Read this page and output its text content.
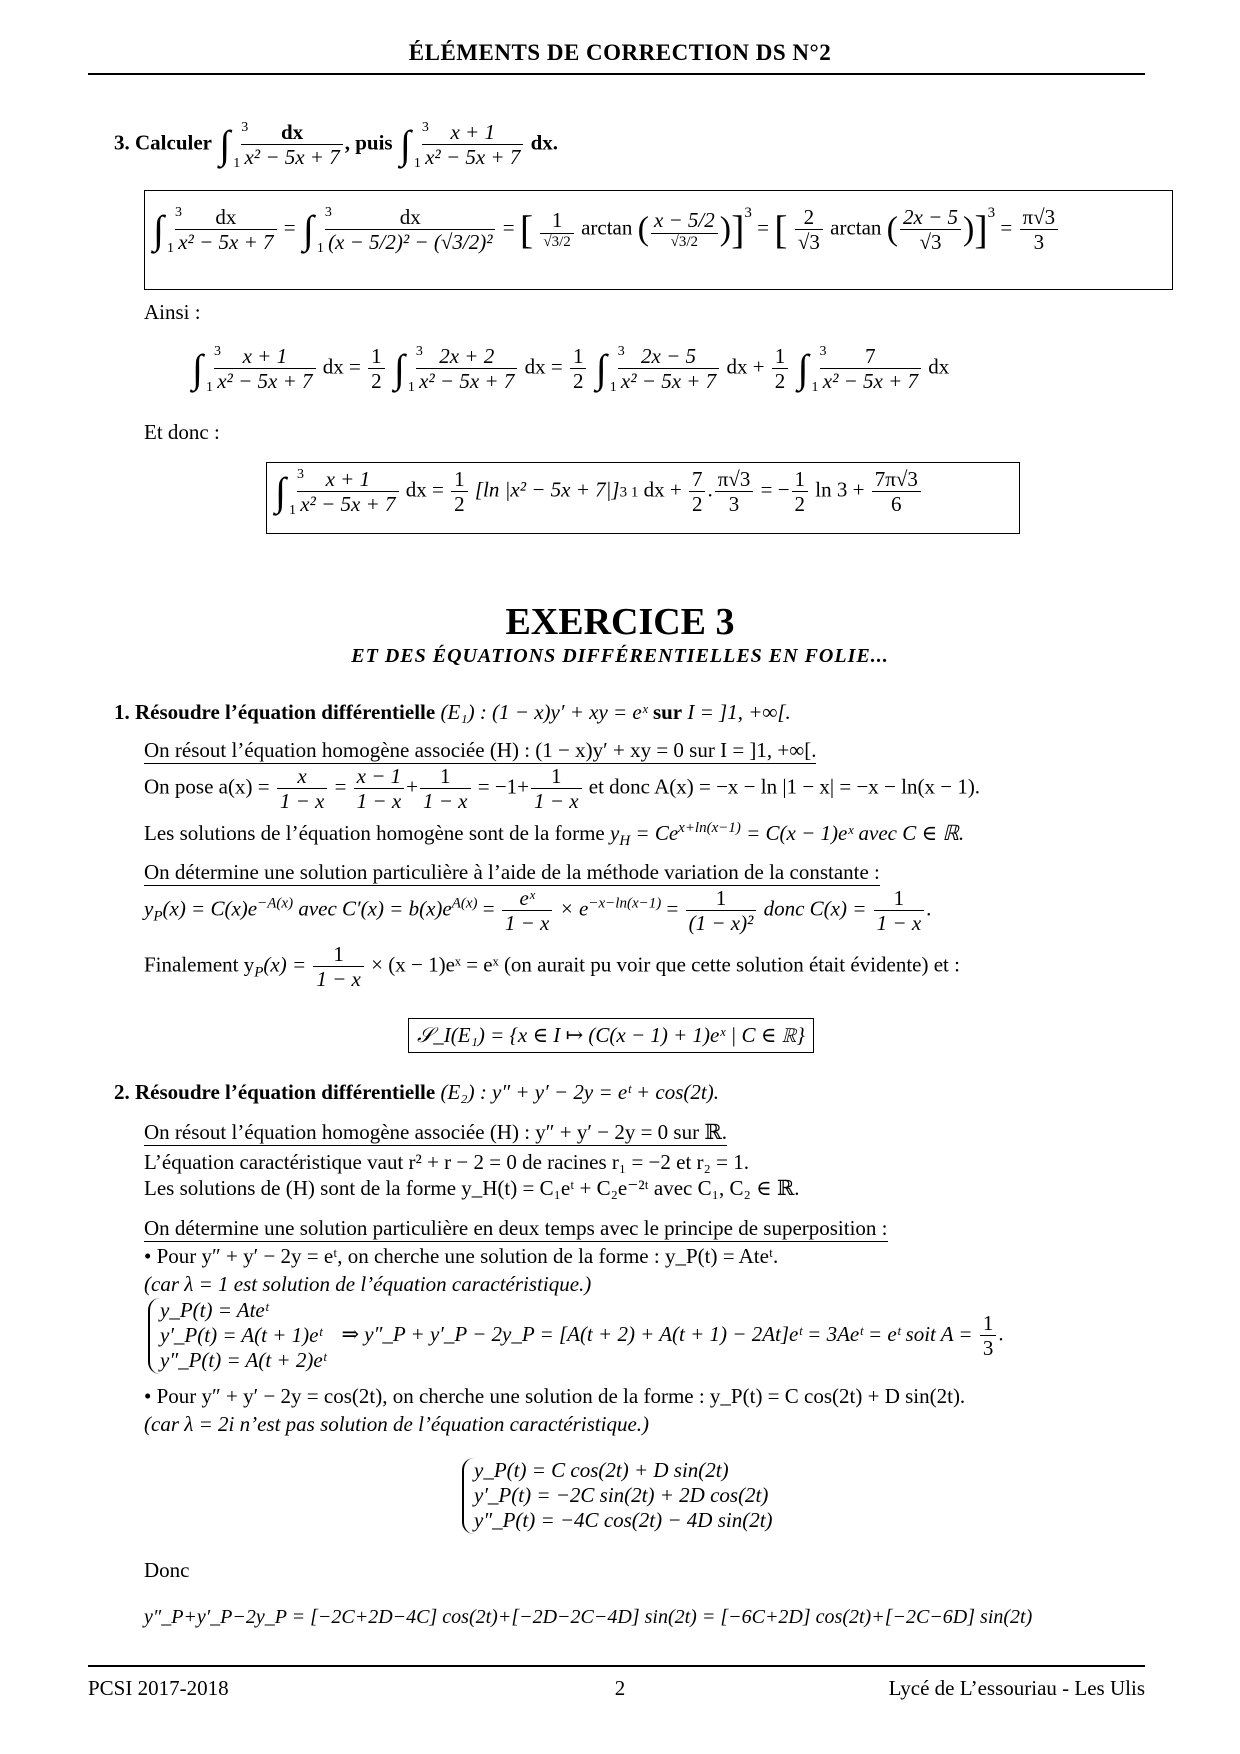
ÉLÉMENTS DE CORRECTION DS N°2
3. Calculer ∫ 3
1
$\frac{dx}{\text{x² − 5x + 7}}$ , puis ∫ 3
1
$\frac{x + 1}{\text{x² − 5x + 7}}$ dx.
∫ 3
1
$\frac{dx}{\text{x² − 5x + 7}}$ = ∫ 3
1
$\frac{dx}{\text{(x − 5/2)² − (√3/2)²}}$ = [ $\frac{1}{√3/2}$ arctan ( $\frac{x - 5/2}{√3/2} )]^3$ = [ $\frac{2}{√3}$ arctan ( $\frac{2x - 5}{√3} )]^3 = \frac{\pi√3}{3}$
Ainsi :
∫ 3
1
$\frac{x + 1}{\text{x² − 5x + 7}}$ dx = $\frac{1}{2}$ ∫ 3
1
$\frac{2x + 2}{\text{x² − 5x + 7}}$ dx = $\frac{1}{2}$ ∫ 3
1
$\frac{2x - 5}{\text{x² − 5x + 7}}$ dx + $\frac{1}{2}$ ∫ 3
1
$\frac{7}{\text{x² − 5x + 7}}$ dx
Et donc :
∫ 3
1
$\frac{x + 1}{\text{x² − 5x + 7}}$ dx = $\frac{1}{2} [\ln$ |x² − 5x + 7|]3 1 dx + $\frac{7}{2}$ . $\frac{\pi√3}{3}$ = − $\frac{1}{2}$ $\ln 3 + \frac{7\pi√3}{6}$
EXERCICE 3
ET DES ÉQUATIONS DIFFÉRENTIELLES EN FOLIE...
1. Résoudre l’équation différentielle (E₁) : (1 − x)y′ + xy = eˣ sur I = ]1, +∞[.
On résout l’équation homogène associée (H) : (1 − x)y′ + xy = 0 sur I = ]1, +∞[.
On pose $a(x) = \frac{x}{1 - x} = \frac{x - 1}{1 - x} + \frac{1}{1 - x} = -1+ \frac{1}{1 - x}$ et donc A(x) = −x − ln |1 − x| = −x − ln(x − 1).
Les solutions de l’équation homogène sont de la forme $y_H = Ce^{x+ln(x-1)} = C(x$ − 1)eˣ avec C ∈ ℝ.
On détermine une solution particulière à l’aide de la méthode variation de la constante :
$y_P(x) = C(x)e^{-A(x)}$ avec $C'(x) = b(x)e^{A(x)} = \frac{\text{eˣ}}{1 - x} \times e^{-x-ln(x-1)} = \frac{1}{\text{(1 − x)²}}$ donc $C(x) = \frac{1}{1 - x}$ .
Finalement $y_P(x) = \frac{1}{1 - x} \times (x$ − 1)eˣ = eˣ (on aurait pu voir que cette solution était évidente) et :
𝒮_I(E₁) = {x ∈ I ↦ (C(x − 1) + 1)eˣ | C ∈ ℝ}
2. Résoudre l’équation différentielle (E₂) : y″ + y′ − 2y = eᵗ + cos(2t).
On résout l’équation homogène associée (H) : y″ + y′ − 2y = 0 sur ℝ.
L’équation caractéristique vaut r² + r − 2 = 0 de racines r₁ = −2 et r₂ = 1.
Les solutions de (H) sont de la forme y_H(t) = C₁eᵗ + C₂e⁻²ᵗ avec C₁, C₂ ∈ ℝ.
On détermine une solution particulière en deux temps avec le principe de superposition :
• Pour y″ + y′ − 2y = eᵗ, on cherche une solution de la forme : y_P(t) = Ateᵗ.
(car λ = 1 est solution de l’équation caractéristique.)
y_P(t) = Ateᵗ
y′_P(t) = A(t + 1)eᵗ
y″_P(t) = A(t + 2)eᵗ
⇒ y″_P + y′_P − 2y_P = [A(t + 2) + A(t + 1) − 2At]eᵗ = 3Aeᵗ = eᵗ soit $A = \frac{1}{3}$ .
• Pour y″ + y′ − 2y = cos(2t), on cherche une solution de la forme : y_P(t) = C cos(2t) + D sin(2t).
(car λ = 2i n’est pas solution de l’équation caractéristique.)
y_P(t) = C cos(2t) + D sin(2t)
y′_P(t) = −2C sin(2t) + 2D cos(2t)
y″_P(t) = −4C cos(2t) − 4D sin(2t)
Donc
y″_P+y′_P−2y_P = [−2C+2D−4C] cos(2t)+[−2D−2C−4D] sin(2t) = [−6C+2D] cos(2t)+[−2C−6D] sin(2t)
PCSI 2017-2018	2	Lycé de L’essouriau - Les Ulis
